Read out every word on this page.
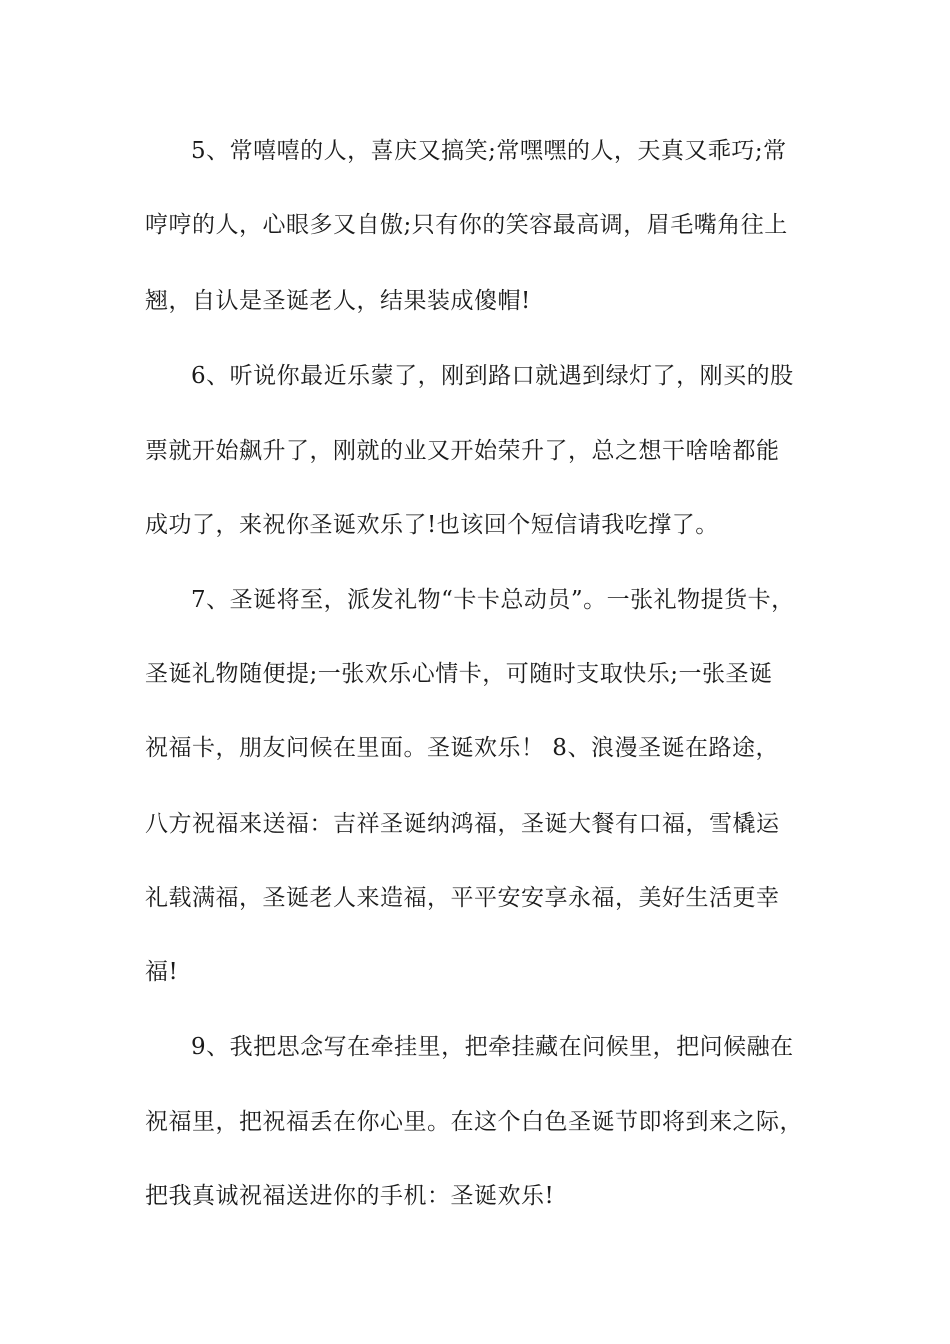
5、常嘻嘻的人，喜庆又搞笑;常嘿嘿的人，天真又乖巧;常
哼哼的人，心眼多又自傲;只有你的笑容最高调，眉毛嘴角往上
翘，自认是圣诞老人，结果装成傻帽!
6、听说你最近乐蒙了，刚到路口就遇到绿灯了，刚买的股
票就开始飙升了，刚就的业又开始荣升了，总之想干啥啥都能
成功了，来祝你圣诞欢乐了!也该回个短信请我吃撑了。
7、圣诞将至，派发礼物“卡卡总动员”。一张礼物提货卡，
圣诞礼物随便提;一张欢乐心情卡，可随时支取快乐;一张圣诞
祝福卡，朋友问候在里面。圣诞欢乐！ 8、浪漫圣诞在路途，
八方祝福来送福：吉祥圣诞纳鸿福，圣诞大餐有口福，雪橇运
礼载满福，圣诞老人来造福，平平安安享永福，美好生活更幸
福!
9、我把思念写在牵挂里，把牵挂藏在问候里，把问候融在
祝福里，把祝福丢在你心里。在这个白色圣诞节即将到来之际，
把我真诚祝福送进你的手机：圣诞欢乐!
